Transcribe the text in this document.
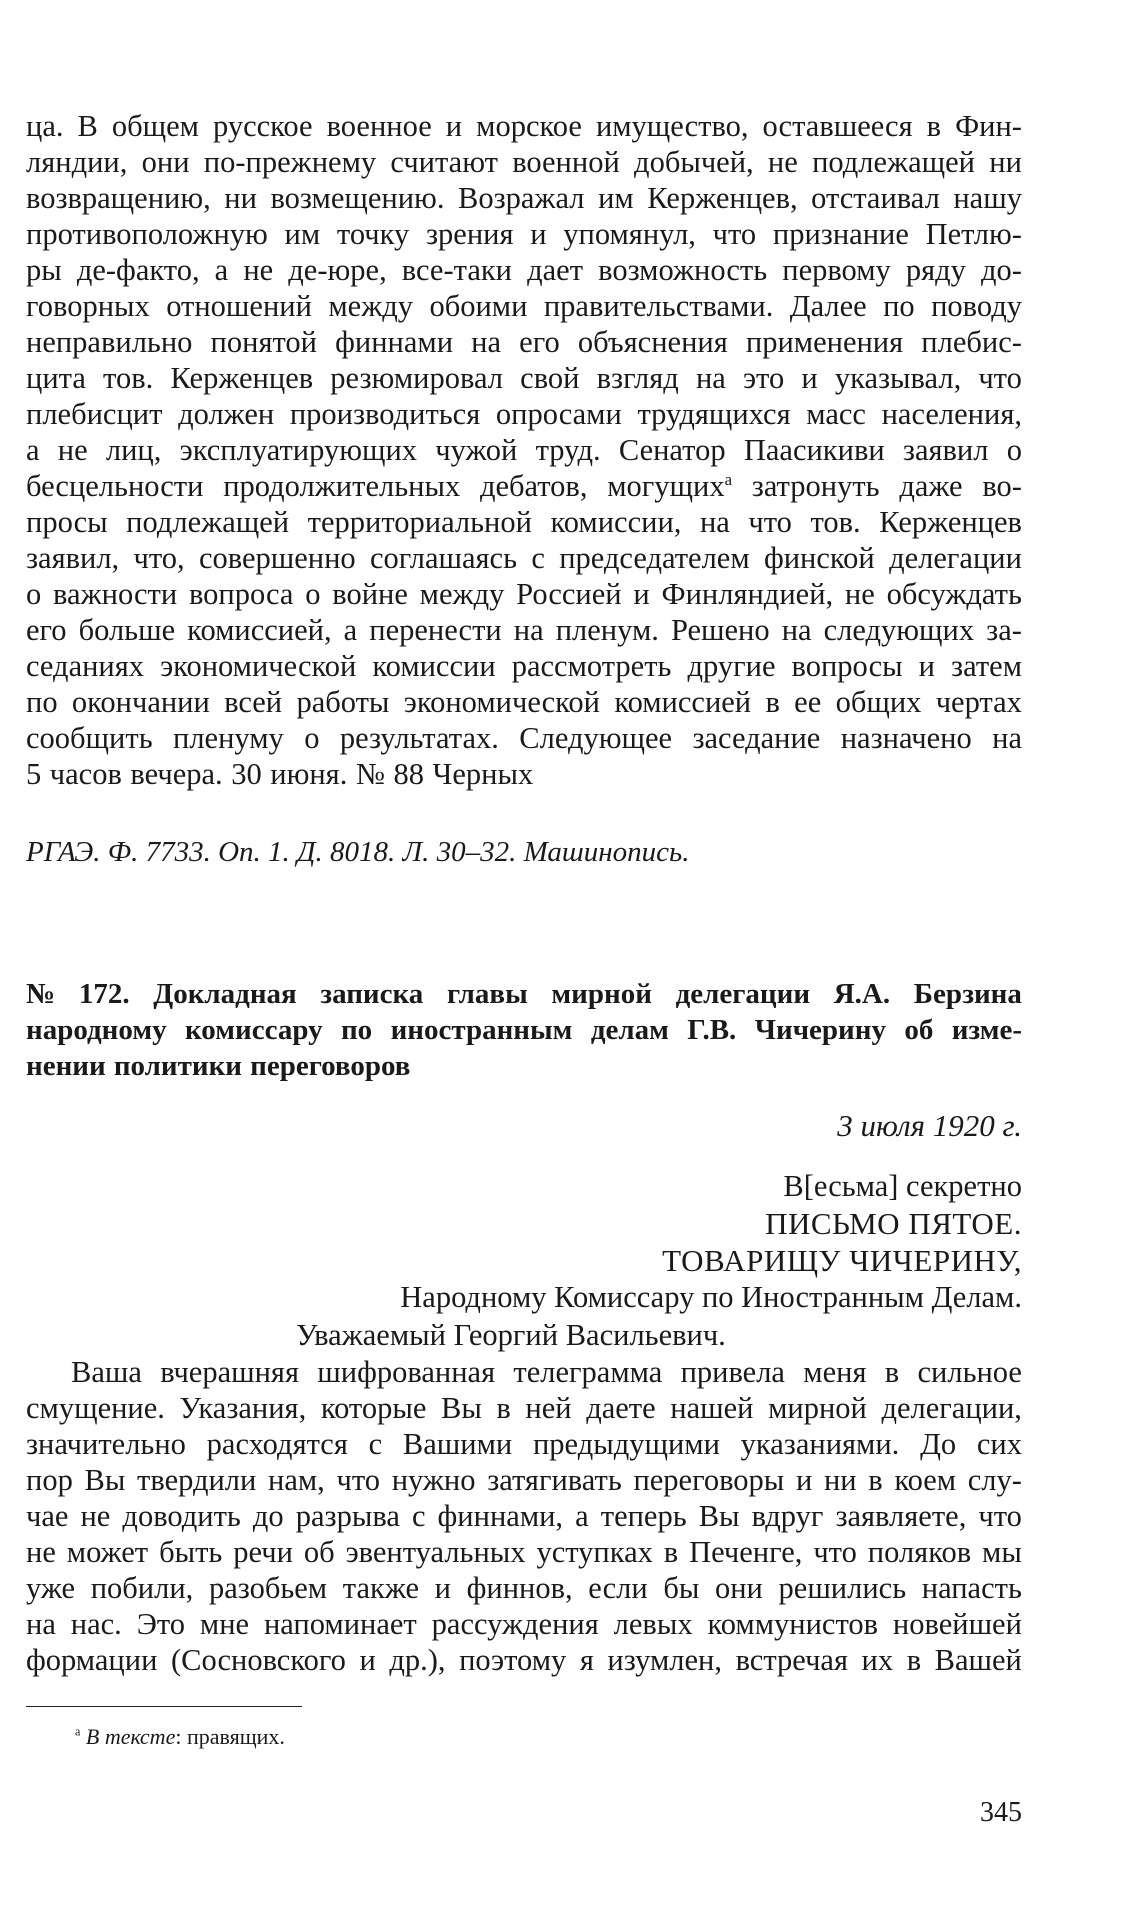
ца. В общем русское военное и морское имущество, оставшееся в Фин-
ляндии, они по-прежнему считают военной добычей, не подлежащей ни
возвращению, ни возмещению. Возражал им Керженцев, отстаивал нашу
противоположную им точку зрения и упомянул, что признание Петлю-
ры де-факто, а не де-юре, все-таки дает возможность первому ряду до-
говорных отношений между обоими правительствами. Далее по поводу
неправильно понятой финнами на его объяснения применения плебис-
цита тов. Керженцев резюмировал свой взгляд на это и указывал, что
плебисцит должен производиться опросами трудящихся масс населения,
а не лиц, эксплуатирующих чужой труд. Сенатор Паасикиви заявил о
бесцельности продолжительных дебатов, могущих$^а$ затронуть даже во-
просы подлежащей территориальной комиссии, на что тов. Керженцев
заявил, что, совершенно соглашаясь с председателем финской делегации
о важности вопроса о войне между Россией и Финляндией, не обсуждать
его больше комиссией, а перенести на пленум. Решено на следующих за-
седаниях экономической комиссии рассмотреть другие вопросы и затем
по окончании всей работы экономической комиссией в ее общих чертах
сообщить пленуму о результатах. Следующее заседание назначено на
5 часов вечера. 30 июня. № 88 Черных
РГАЭ. Ф. 7733. Оп. 1. Д. 8018. Л. 30–32. Машинопись.
№ 172. Докладная записка главы мирной делегации Я.А. Берзина
народному комиссару по иностранным делам Г.В. Чичерину об изме-
нении политики переговоров
3 июля 1920 г.
В[есьма] секретно
ПИСЬМО ПЯТОЕ.
ТОВАРИЩУ ЧИЧЕРИНУ,
Народному Комиссару по Иностранным Делам.
Уважаемый Георгий Васильевич.
Ваша вчерашняя шифрованная телеграмма привела меня в сильное
смущение. Указания, которые Вы в ней даете нашей мирной делегации,
значительно расходятся с Вашими предыдущими указаниями. До сих
пор Вы твердили нам, что нужно затягивать переговоры и ни в коем слу-
чае не доводить до разрыва с финнами, а теперь Вы вдруг заявляете, что
не может быть речи об эвентуальных уступках в Печенге, что поляков мы
уже побили, разобьем также и финнов, если бы они решились напасть
на нас. Это мне напоминает рассуждения левых коммунистов новейшей
формации (Сосновского и др.), поэтому я изумлен, встречая их в Вашей
$^а$ В тексте: правящих.
345
